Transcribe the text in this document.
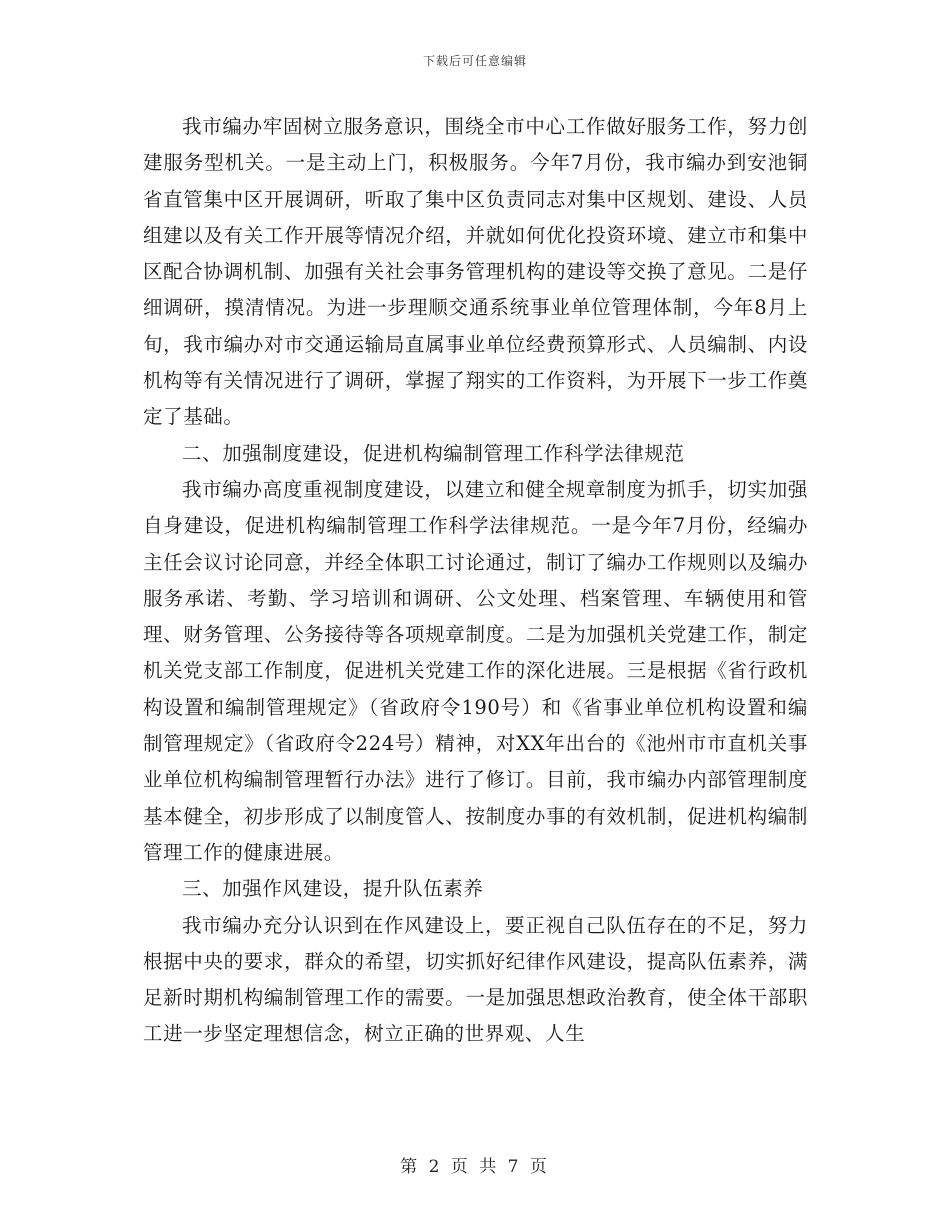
下载后可任意编辑

我市编办牢固树立服务意识，围绕全市中心工作做好服务工作，努力创建服务型机关。一是主动上门，积极服务。今年7月份，我市编办到安池铜省直管集中区开展调研，听取了集中区负责同志对集中区规划、建设、人员组建以及有关工作开展等情况介绍，并就如何优化投资环境、建立市和集中区配合协调机制、加强有关社会事务管理机构的建设等交换了意见。二是仔细调研，摸清情况。为进一步理顺交通系统事业单位管理体制，今年8月上旬，我市编办对市交通运输局直属事业单位经费预算形式、人员编制、内设机构等有关情况进行了调研，掌握了翔实的工作资料，为开展下一步工作奠定了基础。

二、加强制度建设，促进机构编制管理工作科学法律规范

我市编办高度重视制度建设，以建立和健全规章制度为抓手，切实加强自身建设，促进机构编制管理工作科学法律规范。一是今年7月份，经编办主任会议讨论同意，并经全体职工讨论通过，制订了编办工作规则以及编办服务承诺、考勤、学习培训和调研、公文处理、档案管理、车辆使用和管理、财务管理、公务接待等各项规章制度。二是为加强机关党建工作，制定机关党支部工作制度，促进机关党建工作的深化进展。三是根据《省行政机构设置和编制管理规定》（省政府令190号）和《省事业单位机构设置和编制管理规定》（省政府令224号）精神，对XX年出台的《池州市市直机关事业单位机构编制管理暂行办法》进行了修订。目前，我市编办内部管理制度基本健全，初步形成了以制度管人、按制度办事的有效机制，促进机构编制管理工作的健康进展。

三、加强作风建设，提升队伍素养

我市编办充分认识到在作风建设上，要正视自己队伍存在的不足，努力根据中央的要求，群众的希望，切实抓好纪律作风建设，提高队伍素养，满足新时期机构编制管理工作的需要。一是加强思想政治教育，使全体干部职工进一步坚定理想信念，树立正确的世界观、人生

第 2 页 共 7 页
